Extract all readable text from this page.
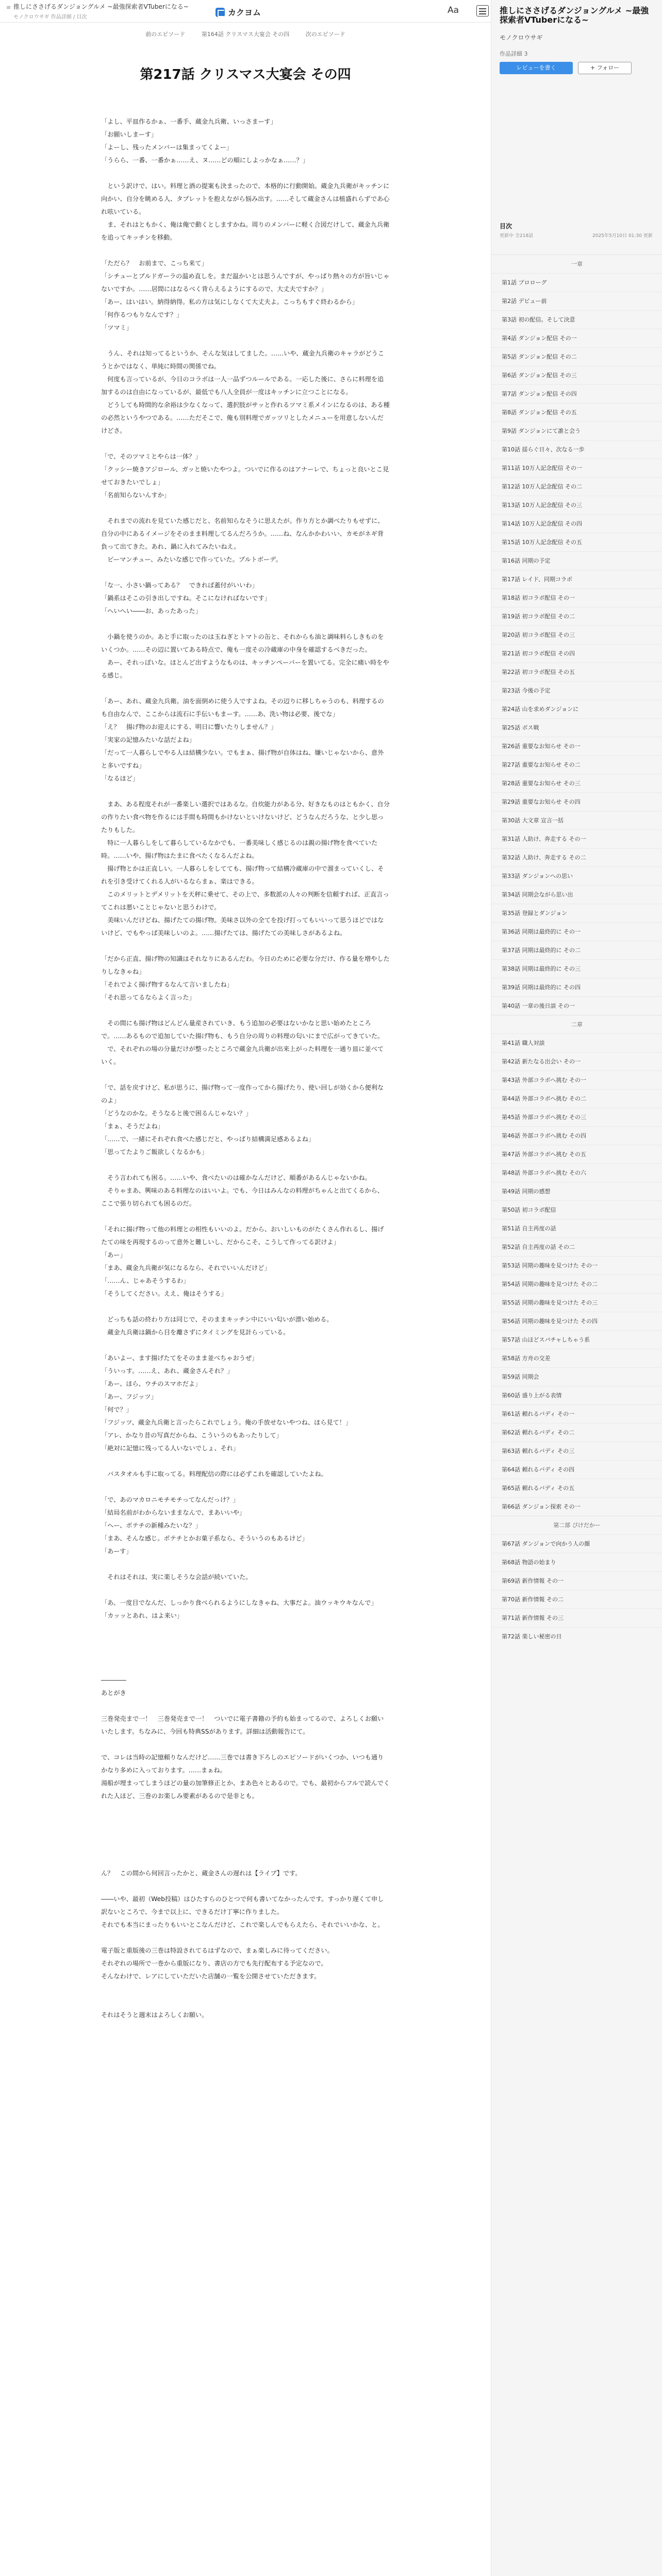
≡ 推しにささげるダンジョングルメ ~最強探索者VTuberになる~
モノクロウサギ 作品詳細 / 目次	カクヨム	Aa
前のエピソード	第164話 クリスマス大宴会 その四	次のエピソード
第217話 クリスマス大宴会 その四

「よし、平皿作るかぁ、一番手、蔵金九兵衛、いっさまーす」

「お願いしまーす」

「よーし、残ったメンバーは集まってくよー」

「うらら、一番、一番かぁ……え、ヌ……どの順にしよっかなぁ……？」

　という訳けで、はい。料理と酒の提案も決まったので、本格的に行動開始。蔵金九兵衛がキッチンに向かい、自分を眺める人、タブレットを抱えながら悩み出す。……そして蔵金さんは植盛れらずであ心れ呟いている。

　ま、それはともかく、俺は俺で動くとしますかね。周りのメンバーに軽く合図だけして、蔵金九兵衛を追ってキッチンを移動。

「ただら？　お前まで、こっち来て」

「シチューとブルドガーラの温め直しを。まだ温かいとは思うんですが、やっぱり熱々の方が旨いじゃないですか。……居間にはなるべく背らえるようにするので、大丈夫ですか？」

「あー、はいはい。納得納得。私の方は気にしなくて大丈夫よ。こっちもすぐ終わるから」

「何作るつもりなんです？」

「ツマミ」

　うん、それは知ってるというか、そんな気はしてました。……いや、蔵金九兵衛のキャラがどうこうとかではなく、単純に時間の関係でね。

　何度も言っているが、今日のコラボは一人一品ずつルールである。一応した後に、さらに料理を追加するのは自由になっているが、最低でも八人全員が一度はキッチンに立つことになる。

　どうしても時間的な余裕は少なくなって、選択肢がサッと作れるツマミ系メインになるのは、ある種の必然というやつである。……ただそこで、俺も別料理でガッツリとしたメニューを用意しないんだけどさ。

「で、そのツマミとやらは一体？」

「クッシー焼きアジロール、ガッと焼いたやつよ。ついでに作るのはアナーレで、ちょっと良いとこ見せておきたいでしょ」

「名前知らないんすか」

　それまでの流れを見ていた感じだと、名前知らなそうに思えたが。作り方とか調べたりもせずに、自分の中にあるイメージをそのまま料理してるんだろうか。……ね、なんかかわいい、カモがネギ背負って出てきた。あれ、鍋に入れてみたいねえ。

　ピーマンチュー、みたいな感じで作っていた。ブルトボーデ。

「な一、小さい鍋ってある？　できれば蓋付がいいわ」

「鍋系はそこの引き出しですね。そこになければないです」

「へいへい――お、あったあった」

　小鍋を使うのか。あと手に取ったのは玉ねぎとトマトの缶と、それからも油と調味料らしきものをいくつか。……その辺に置いてある時点で、俺も一度その冷蔵庫の中身を確認するべきだった。

　あー、それっぽいな。ほとんど出すようなものは、キッチンペーパーを置いてる。完全に痛い時をやる感じ。

「あー、あれ、蔵金九兵衛。油を面倒めに使う人ですよね。その辺りに移しちゃうのも、料理するのも自由なんで、ここからは流石に手伝いもまーす。……あ、洗い物は必要、後でな」

「え？　揚げ物のお迎えにする、明日に響いたりしません？」

「実家の記憶みたいな話だよね」

「だって一人暮らしでやる人は結構少ない。でもまぁ、揚げ物が自体はね、嫌いじゃないから、意外と多いですね」

「なるほど」

　まあ、ある程度それが一番楽しい選択ではあるな。自炊能力がある分、好きなものはともかく、自分の作りたい食べ物を作るには手間も時間もかけないといけないけど、どうなんだろうな、と少し思ったりもした。

　特に一人暮らしをして暮らしているなかでも、一番美味しく感じるのは親の揚げ物を食べていた時。……いや、揚げ物はたまに食べたくなるんだよね。

　揚げ物とかは正直しい。一人暮らしをしてても、揚げ物って結構冷蔵庫の中で溜まっていくし、それを引き受けてくれる人がいるならまぁ、楽はできる。

　このメリットとデメリットを天秤に乗せて、その上で、多数派の人々の判断を信頼すれば、正直言ってこれは悪いことじゃないと思うわけで。

　美味いんだけどね、揚げたての揚げ物。美味さ以外の全てを投げ打ってもいいって思うほどではないけど、でもやっぱ美味しいのよ。……揚げたては、揚げたての美味しさがあるよね。

「だから正直、揚げ物の知識はそれなりにあるんだわ。今日のために必要な分だけ、作る量を増やしたりしなきゃね」

「それでよく揚げ物するなんて言いましたね」

「それ思ってるならよく言った」

　その間にも揚げ物はどんどん量産されていき、もう追加の必要はないかなと思い始めたところで。……あるもので追加していた揚げ物も、もう自分の周りの料理の匂いにまで広がってきていた。

　で、それぞれの場の分量だけが整ったところで蔵金九兵衛が出来上がった料理を一通り皿に並べていく。

「で、話を戻すけど、私が思うに、揚げ物って一度作ってから揚げたり、使い回しが効くから便利なのよ」

「どうなのかな。そうなると後で困るんじゃない？」

「まぁ、そうだよね」

「……で、一緒にそれぞれ食べた感じだと、やっぱり結構満足感あるよね」

「思ってたよりご飯欲しくなるかも」

　そう言われても困る。……いや、食べたいのは確かなんだけど、順番があるんじゃないかね。

　そりゃまあ、興味のある料理なのはいいよ。でも、今日はみんなの料理がちゃんと出てくるから、ここで張り切られても困るのだ。

「それに揚げ物って他の料理との相性もいいのよ。だから、おいしいものがたくさん作れるし、揚げたての味を再現するのって意外と難しいし、だからこそ、こうして作ってる訳けよ」

「あー」

「まあ、蔵金九兵衛が気になるなら、それでいいんだけど」

「……ん、じゃあそうするわ」

「そうしてください。ええ、俺はそうする」

　どっちも話の終わり方は同じで、そのままキッチン中にいい匂いが漂い始める。

　蔵金九兵衛は鍋から目を離さずにタイミングを見計らっている。

「あいよー、ます揚げたてをそのまま並べちゃおうぜ」

「ういっす。……え、あれ、蔵金さんそれ？」

「あー、ほら、ウチのスマホだよ」

「あー、フジッツ」

「何で？」

「フジッツ、蔵金九兵衛と言ったらこれでしょう。俺の手放せないやつね、ほら見て！」

「アレ、かなり昔の写真だからね、こういうのもあったりして」

「絶対に記憶に残ってる人いないでしょ、それ」

　バスタオルも手に取ってる。料理配信の際には必ずこれを確認していたよね。

「で、あのマカロニモチモチってなんだっけ？」

「結局名前がわからないままなんで、まあいいや」

「へー、ボテチの新種みたいな？」

「まあ、そんな感じ。ポテチとかお菓子系なら、そういうのもあるけど」

「あーす」

　それはそれは、実に楽しそうな会話が続いていた。

「あ、一度目でなんだ、しっかり食べられるようにしなきゃね、大事だよ。油ウッキウキなんで」

「カッッとあれ、はよ来い」

――――

あとがき

三巻発売まで一！　三巻発売まで一！　ついでに電子書籍の予約も始まってるので、よろしくお願いいたします。ちなみに、今回も特典SSがあります。詳細は活動報告にて。

で、コレは当時の記憶頼りなんだけど……三巻では書き下ろしのエピソードがいくつか、いつも通りかなり多めに入っております。……まぁね。

湯船が埋まってしまうほどの量の加筆修正とか、まあ色々とあるので。でも、最初からフルで読んでくれた人ほど、三巻のお楽しみ要素があるので是非とも。

ん？　この間から何回言ったかと、蔵金さんの遅れは【ライブ】です。

――いや、最初（Web投稿）はひたすらのひとつで何も書いてなかったんです。すっかり遅くて申し訳ないところで、今まで以上に、できるだけ丁寧に作りました。

それでも本当にまったりもいいとこなんだけど、これで楽しんでもらえたら、それでいいかな、と。

電子版と重版後の三巻は特設されてるはずなので、まぁ楽しみに待ってください。

それぞれの場所で一巻から重版になり、書店の方でも先行配布する予定なので。

そんなわけで、レアにしていただいた店舗の一覧を公開させていただきます。

それはそうと週末はよろしくお願い。

推しにささげるダンジョングルメ ~最強探索者VTuberになる~
モノクロウサギ
作品詳細 3
レビューを書く	+ フォロー
目次
更新中 全218話	2025年5月10日 01:30 更新
一章
第1話 プロローグ
第2話 デビュー前
第3話 初の配信。そして決意
第4話 ダンジョン配信 その一
第5話 ダンジョン配信 その二
第6話 ダンジョン配信 その三
第7話 ダンジョン配信 その四
第8話 ダンジョン配信 その五
第9話 ダンジョンにて誰と会う
第10話 揺らぐ日々、次なる一歩
第11話 10万人記念配信 その一
第12話 10万人記念配信 その二
第13話 10万人記念配信 その三
第14話 10万人記念配信 その四
第15話 10万人記念配信 その五
第16話 同期の予定
第17話 レイド、同期コラボ
第18話 初コラボ配信 その一
第19話 初コラボ配信 その二
第20話 初コラボ配信 その三
第21話 初コラボ配信 その四
第22話 初コラボ配信 その五
第23話 今後の予定
第24話 山を求めダンジョンに
第25話 ボス戦
第26話 重要なお知らせ その一
第27話 重要なお知らせ その二
第28話 重要なお知らせ その三
第29話 重要なお知らせ その四
第30話 大文章 宣言一括
第31話 人助け、奔走する その一
第32話 人助け、奔走する その二
第33話 ダンジョンへの思い
第34話 同期会ながら思い出
第35話 登録とダンジョン
第36話 同期は最終的に その一
第37話 同期は最終的に その二
第38話 同期は最終的に その三
第39話 同期は最終的に その四
第40話 一章の後日談 その一
二章
第41話 職人対談
第42話 新たなる出会い その一
第43話 外部コラボへ挑む その一
第44話 外部コラボへ挑む その二
第45話 外部コラボへ挑む その三
第46話 外部コラボへ挑む その四
第47話 外部コラボへ挑む その五
第48話 外部コラボへ挑む その六
第49話 同期の感想
第50話 初コラボ配信
第51話 自主再度の話
第52話 自主再度の話 その二
第53話 同期の趣味を見つけた その一
第54話 同期の趣味を見つけた その二
第55話 同期の趣味を見つけた その三
第56話 同期の趣味を見つけた その四
第57話 山ほどスパチャしちゃう系
第58話 方舟の交差
第59話 同期会
第60話 盛り上がる表情
第61話 頼れるバディ その一
第62話 頼れるバディ その二
第63話 頼れるバディ その三
第64話 頼れるバディ その四
第65話 頼れるバディ その五
第66話 ダンジョン探索 その一
第二部 ぴけだかー
第67話 ダンジョンで向かう人の顔
第68話 物語の始まり
第69話 新作情報 その一
第70話 新作情報 その二
第71話 新作情報 その三
第72話 楽しい秘密の日
